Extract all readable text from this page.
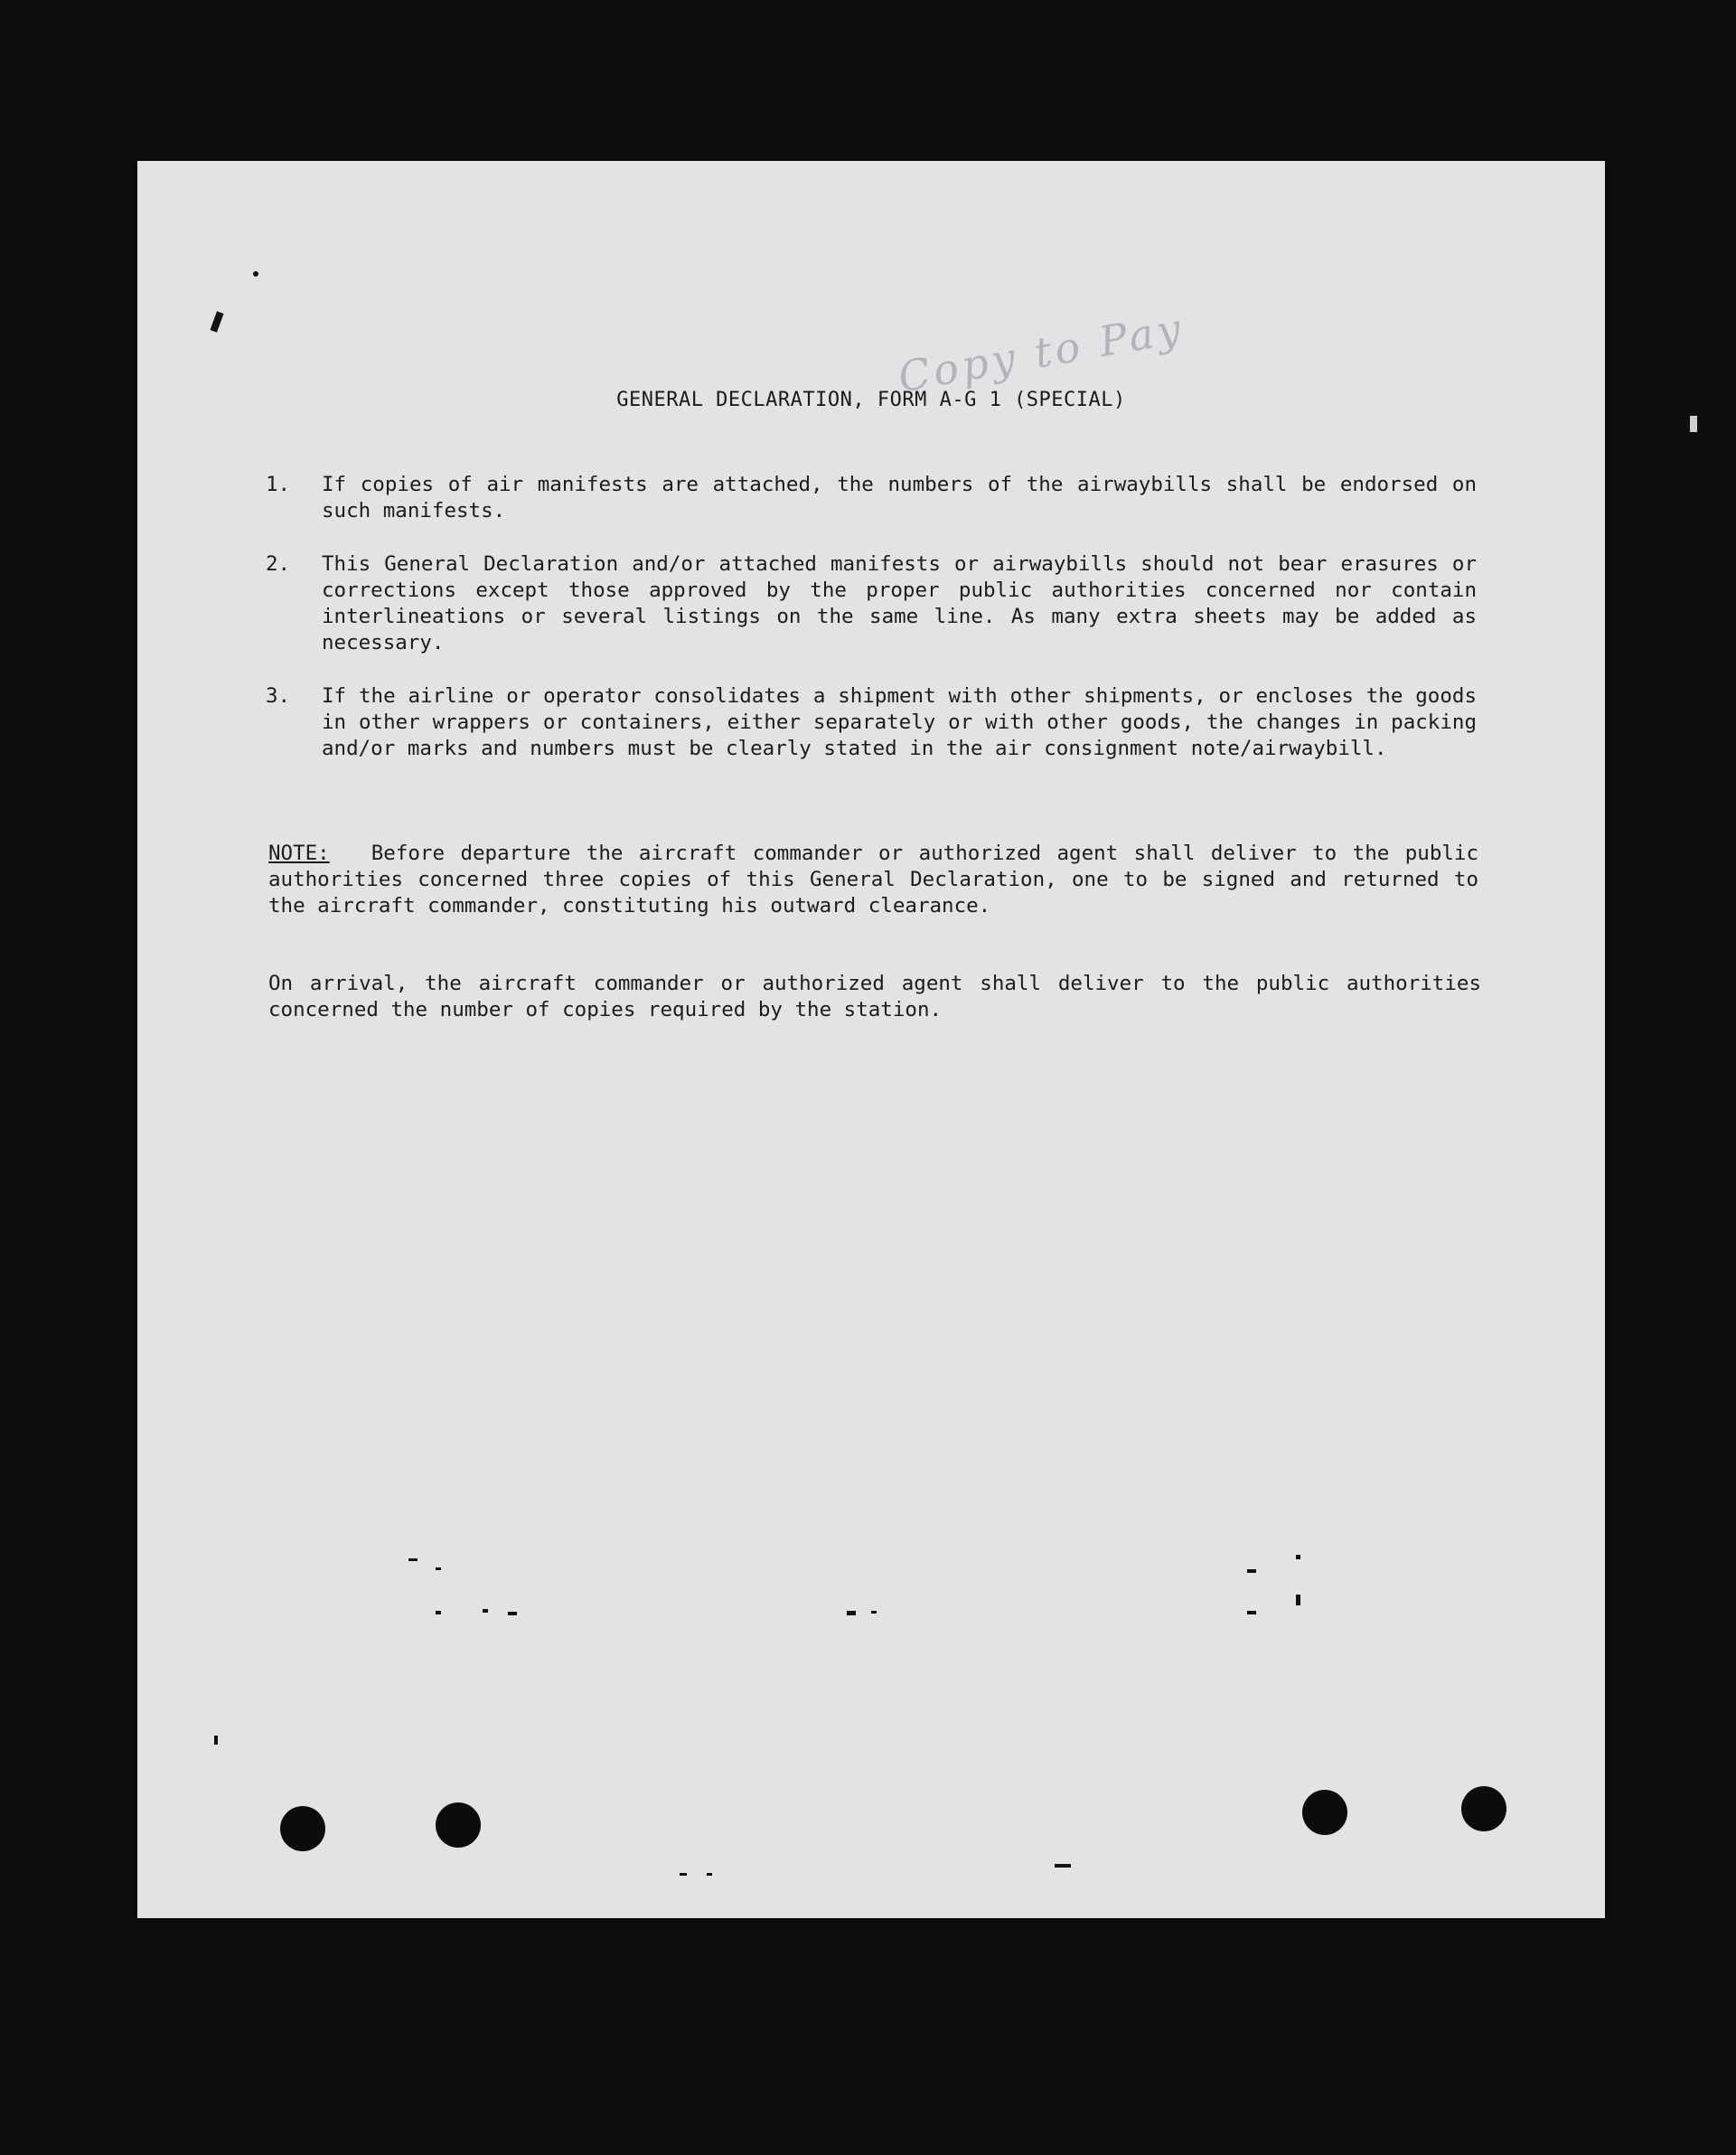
Copy to Pay
GENERAL DECLARATION, FORM A-G 1 (SPECIAL)
1.	If copies of air manifests are attached, the numbers of the airwaybills shall be endorsed on such manifests.
2.	This General Declaration and/or attached manifests or airwaybills should not bear erasures or corrections except those approved by the proper public authorities concerned nor contain interlineations or several listings on the same line. As many extra sheets may be added as necessary.
3.	If the airline or operator consolidates a shipment with other shipments, or encloses the goods in other wrappers or containers, either separately or with other goods, the changes in packing and/or marks and numbers must be clearly stated in the air consignment note/airwaybill.
NOTE: Before departure the aircraft commander or authorized agent shall deliver to the public authorities concerned three copies of this General Declaration, one to be signed and returned to the aircraft commander, constituting his outward clearance.
On arrival, the aircraft commander or authorized agent shall deliver to the public authorities concerned the number of copies required by the station.
